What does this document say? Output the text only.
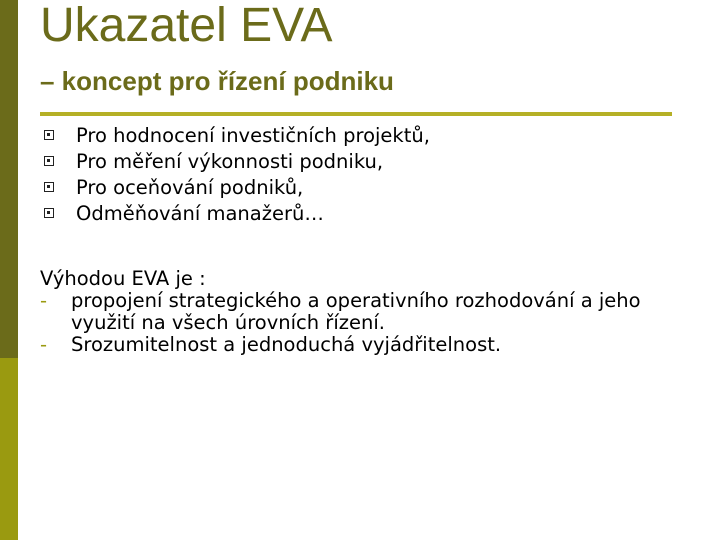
Ukazatel EVA
– koncept pro řízení podniku
Pro hodnocení investičních projektů,
Pro měření výkonnosti podniku,
Pro oceňování podniků,
Odměňování manažerů…
Výhodou EVA je :
-	propojení strategického a operativního rozhodování a jeho využití na všech úrovních řízení.
-	Srozumitelnost a jednoduchá vyjádřitelnost.
